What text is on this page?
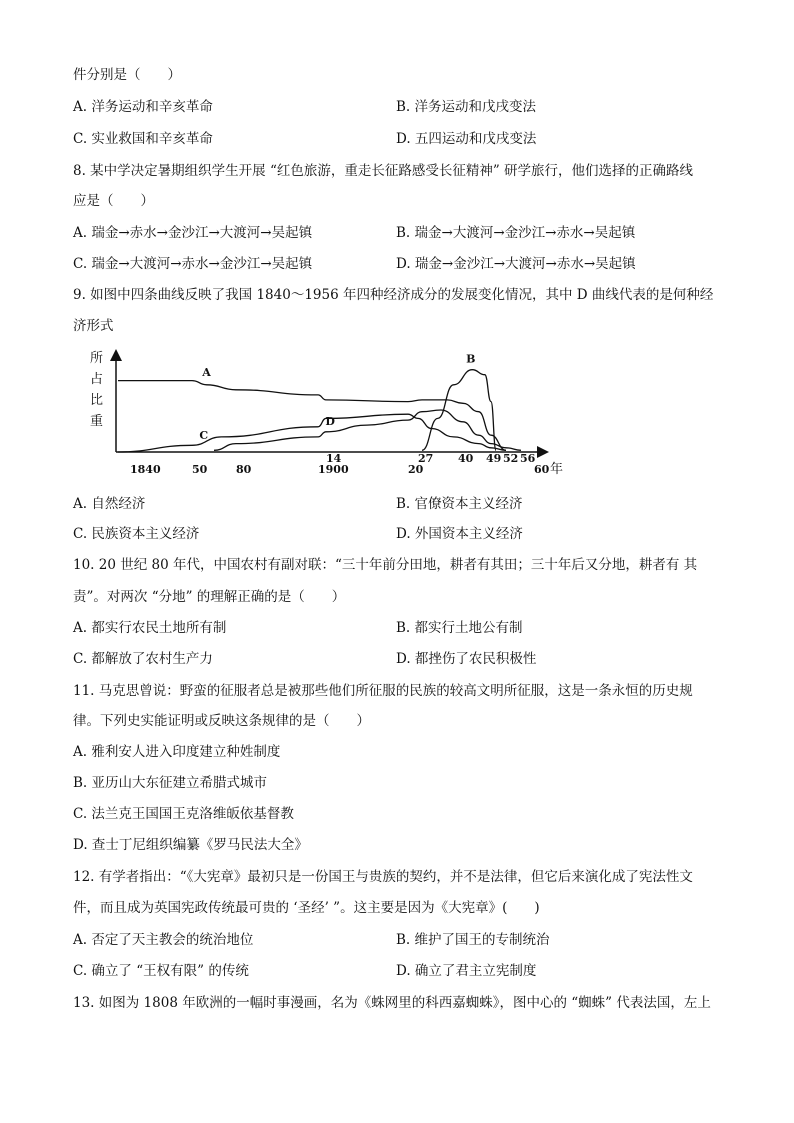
件分别是（　　）
A. 洋务运动和辛亥革命	B. 洋务运动和戊戌变法
C. 实业救国和辛亥革命	D. 五四运动和戊戌变法
8. 某中学决定暑期组织学生开展 “红色旅游，重走长征路感受长征精神” 研学旅行，他们选择的正确路线
应是（　　）
A. 瑞金→赤水→金沙江→大渡河→吴起镇	B. 瑞金→大渡河→金沙江→赤水→吴起镇
C. 瑞金→大渡河→赤水→金沙江→吴起镇	D. 瑞金→金沙江→大渡河→赤水→吴起镇
9. 如图中四条曲线反映了我国 1840～1956 年四种经济成分的发展变化情况，其中 D 曲线代表的是何种经
济形式
所
占
比
重
年
A
B
C
D
14	27 40 49 52 56
60
1840	50	80	1900	20
A. 自然经济	B. 官僚资本主义经济
C. 民族资本主义经济	D. 外国资本主义经济
10. 20 世纪 80 年代，中国农村有副对联：“三十年前分田地，耕者有其田；三十年后又分地，耕者有 其
责”。对两次 “分地” 的理解正确的是（　　）
A. 都实行农民土地所有制	B. 都实行土地公有制
C. 都解放了农村生产力	D. 都挫伤了农民积极性
11. 马克思曾说：野蛮的征服者总是被那些他们所征服的民族的较高文明所征服，这是一条永恒的历史规
律。下列史实能证明或反映这条规律的是（　　）
A. 雅利安人进入印度建立种姓制度
B. 亚历山大东征建立希腊式城市
C. 法兰克王国国王克洛维皈依基督教
D. 查士丁尼组织编纂《罗马民法大全》
12. 有学者指出：“《大宪章》最初只是一份国王与贵族的契约，并不是法律，但它后来演化成了宪法性文
件，而且成为英国宪政传统最可贵的 ‘圣经’ ”。这主要是因为《大宪章》(　　)
A. 否定了天主教会的统治地位	B. 维护了国王的专制统治
C. 确立了 “王权有限” 的传统	D. 确立了君主立宪制度
13. 如图为 1808 年欧洲的一幅时事漫画，名为《蛛网里的科西嘉蜘蛛》，图中心的 “蜘蛛” 代表法国，左上
